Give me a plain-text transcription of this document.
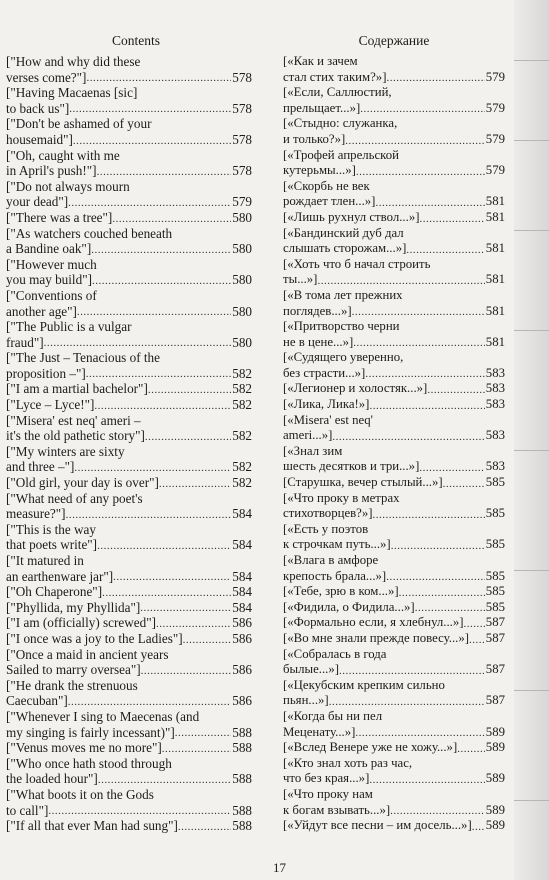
Contents
["How and why did these
verses come?"] .....	578
["Having Macaenas [sic]
to back us"] .....	578
["Don't be ashamed of your
housemaid"] .....	578
["Oh, caught with me
in April's push!"] .....	578
["Do not always mourn
your dead"] .....	579
["There was a tree"] .....	580
["As watchers couched beneath
a Bandine oak"] .....	580
["However much
you may build"] .....	580
["Conventions of
another age"] .....	580
["The Public is a vulgar
fraud"] .....	580
["The Just – Tenacious of the
proposition –"] .....	582
["I am a martial bachelor"] .....	582
["Lyce – Lyce!"] .....	582
["Misera' est neq' ameri –
it's the old pathetic story"] .....	582
["My winters are sixty
and three –"] .....	582
["Old girl, your day is over"] .....	582
["What need of any poet's
measure?"] .....	584
["This is the way
that poets write"] .....	584
["It matured in
an earthenware jar"] .....	584
["Oh Chaperone"] .....	584
["Phyllida, my Phyllida"] .....	584
["I am (officially) screwed"] .....	586
["I once was a joy to the Ladies"] .....	586
["Once a maid in ancient years
Sailed to marry oversea"] .....	586
["He drank the strenuous
Caecuban"] .....	586
["Whenever I sing to Maecenas (and
my singing is fairly incessant)"] .....	588
["Venus moves me no more"] .....	588
["Who once hath stood through
the loaded hour"] .....	588
["What boots it on the Gods
to call"] .....	588
["If all that ever Man had sung"] .....	588
Содержание
[«Как и зачем
стал стих таким?»] .....	579
[«Если, Саллюстий,
прельщает...»] .....	579
[«Стыдно: служанка,
и только?»] .....	579
[«Трофей апрельской
кутерьмы...»] .....	579
[«Скорбь не век
рождает тлен...»] .....	581
[«Лишь рухнул ствол...»] .....	581
[«Бандинский дуб дал
слышать сторожам...»] .....	581
[«Хоть что б начал строить
ты...»] .....	581
[«В тома лет прежних
поглядев...»] .....	581
[«Притворство черни
не в цене...»] .....	581
[«Судящего уверенно,
без страсти...»] .....	583
[«Легионер и холостяк...»] .....	583
[«Лика, Лика!»] .....	583
[«Misera' est neq'
ameri...»] .....	583
[«Знал зим
шесть десятков и три...»] .....	583
[Старушка, вечер стылый...»] .....	585
[«Что проку в метрах
стихотворцев?»] .....	585
[«Есть у поэтов
к строчкам путь...»] .....	585
[«Влага в амфоре
крепость брала...»] .....	585
[«Тебе, зрю в ком...»] .....	585
[«Фидила, о Фидила...»] .....	585
[«Формально если, я хлебнул...»] ..... 587
[«Во мне знали прежде повесу...»] ..... 587
[«Собралась в года
былые...»] .....	587
[«Цекубским крепким сильно
пьян...»] .....	587
[«Когда бы ни пел
Меценату...»] .....	589
[«Вслед Венере уже не хожу...»] ..... 589
[«Кто знал хоть раз час,
что без края...»] .....	589
[«Что проку нам
к богам взывать...»] .....	589
[«Уйдут все песни – им досель...»] ..... 589
17
